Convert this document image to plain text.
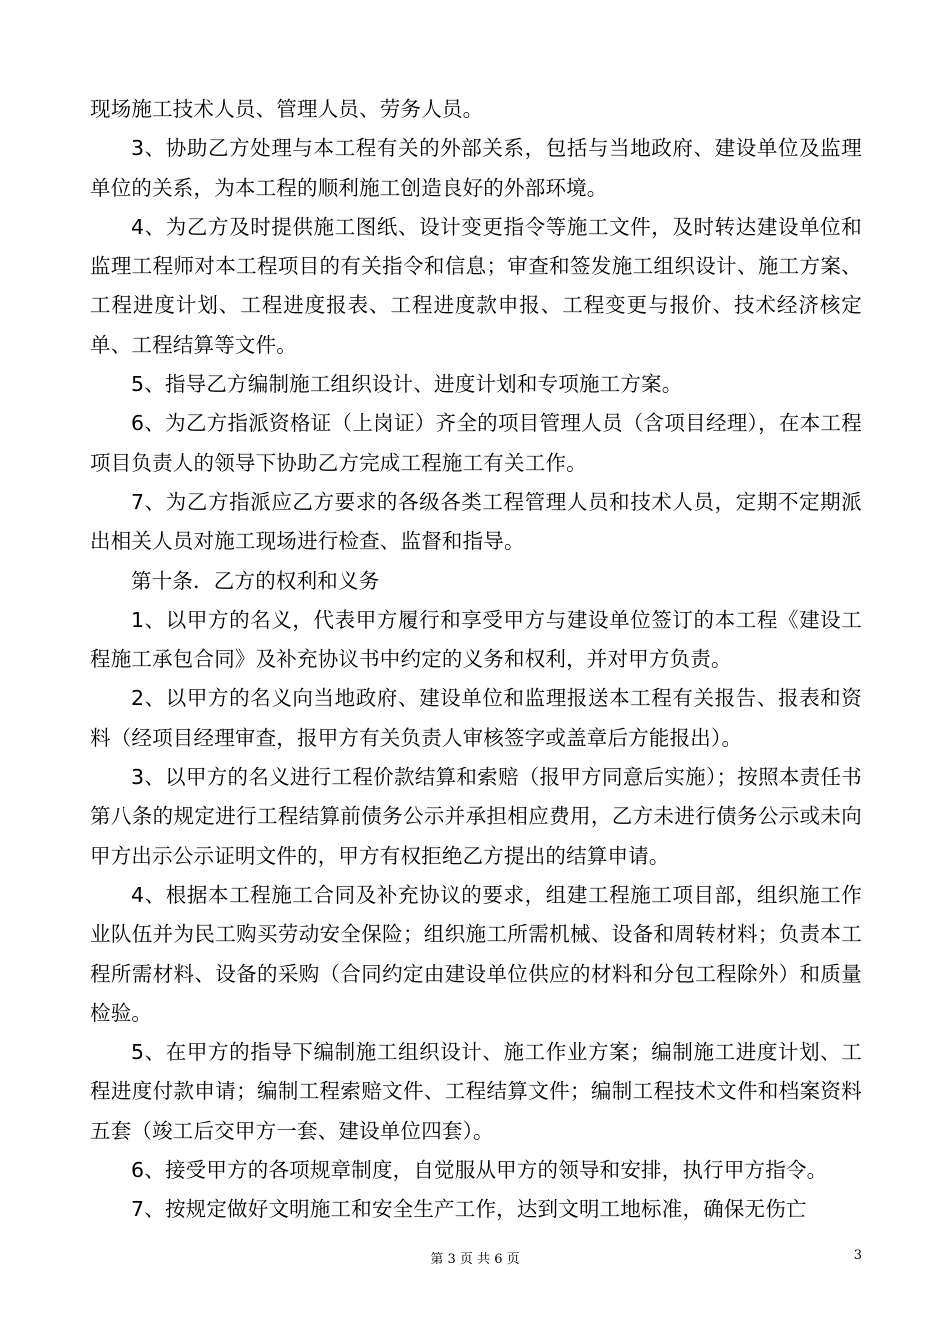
现场施工技术人员、管理人员、劳务人员。

3、协助乙方处理与本工程有关的外部关系，包括与当地政府、建设单位及监理单位的关系，为本工程的顺利施工创造良好的外部环境。

4、为乙方及时提供施工图纸、设计变更指令等施工文件，及时转达建设单位和监理工程师对本工程项目的有关指令和信息；审查和签发施工组织设计、施工方案、工程进度计划、工程进度报表、工程进度款申报、工程变更与报价、技术经济核定单、工程结算等文件。

5、指导乙方编制施工组织设计、进度计划和专项施工方案。

6、为乙方指派资格证（上岗证）齐全的项目管理人员（含项目经理），在本工程项目负责人的领导下协助乙方完成工程施工有关工作。

7、为乙方指派应乙方要求的各级各类工程管理人员和技术人员，定期不定期派出相关人员对施工现场进行检查、监督和指导。

第十条．乙方的权利和义务

1、以甲方的名义，代表甲方履行和享受甲方与建设单位签订的本工程《建设工程施工承包合同》及补充协议书中约定的义务和权利，并对甲方负责。

2、以甲方的名义向当地政府、建设单位和监理报送本工程有关报告、报表和资料（经项目经理审查，报甲方有关负责人审核签字或盖章后方能报出）。

3、以甲方的名义进行工程价款结算和索赔（报甲方同意后实施）；按照本责任书第八条的规定进行工程结算前债务公示并承担相应费用，乙方未进行债务公示或未向甲方出示公示证明文件的，甲方有权拒绝乙方提出的结算申请。

4、根据本工程施工合同及补充协议的要求，组建工程施工项目部，组织施工作业队伍并为民工购买劳动安全保险；组织施工所需机械、设备和周转材料；负责本工程所需材料、设备的采购（合同约定由建设单位供应的材料和分包工程除外）和质量检验。

5、在甲方的指导下编制施工组织设计、施工作业方案；编制施工进度计划、工程进度付款申请；编制工程索赔文件、工程结算文件；编制工程技术文件和档案资料五套（竣工后交甲方一套、建设单位四套）。

6、接受甲方的各项规章制度，自觉服从甲方的领导和安排，执行甲方指令。

7、按规定做好文明施工和安全生产工作，达到文明工地标准，确保无伤亡

第 3 页 共 6 页	3
